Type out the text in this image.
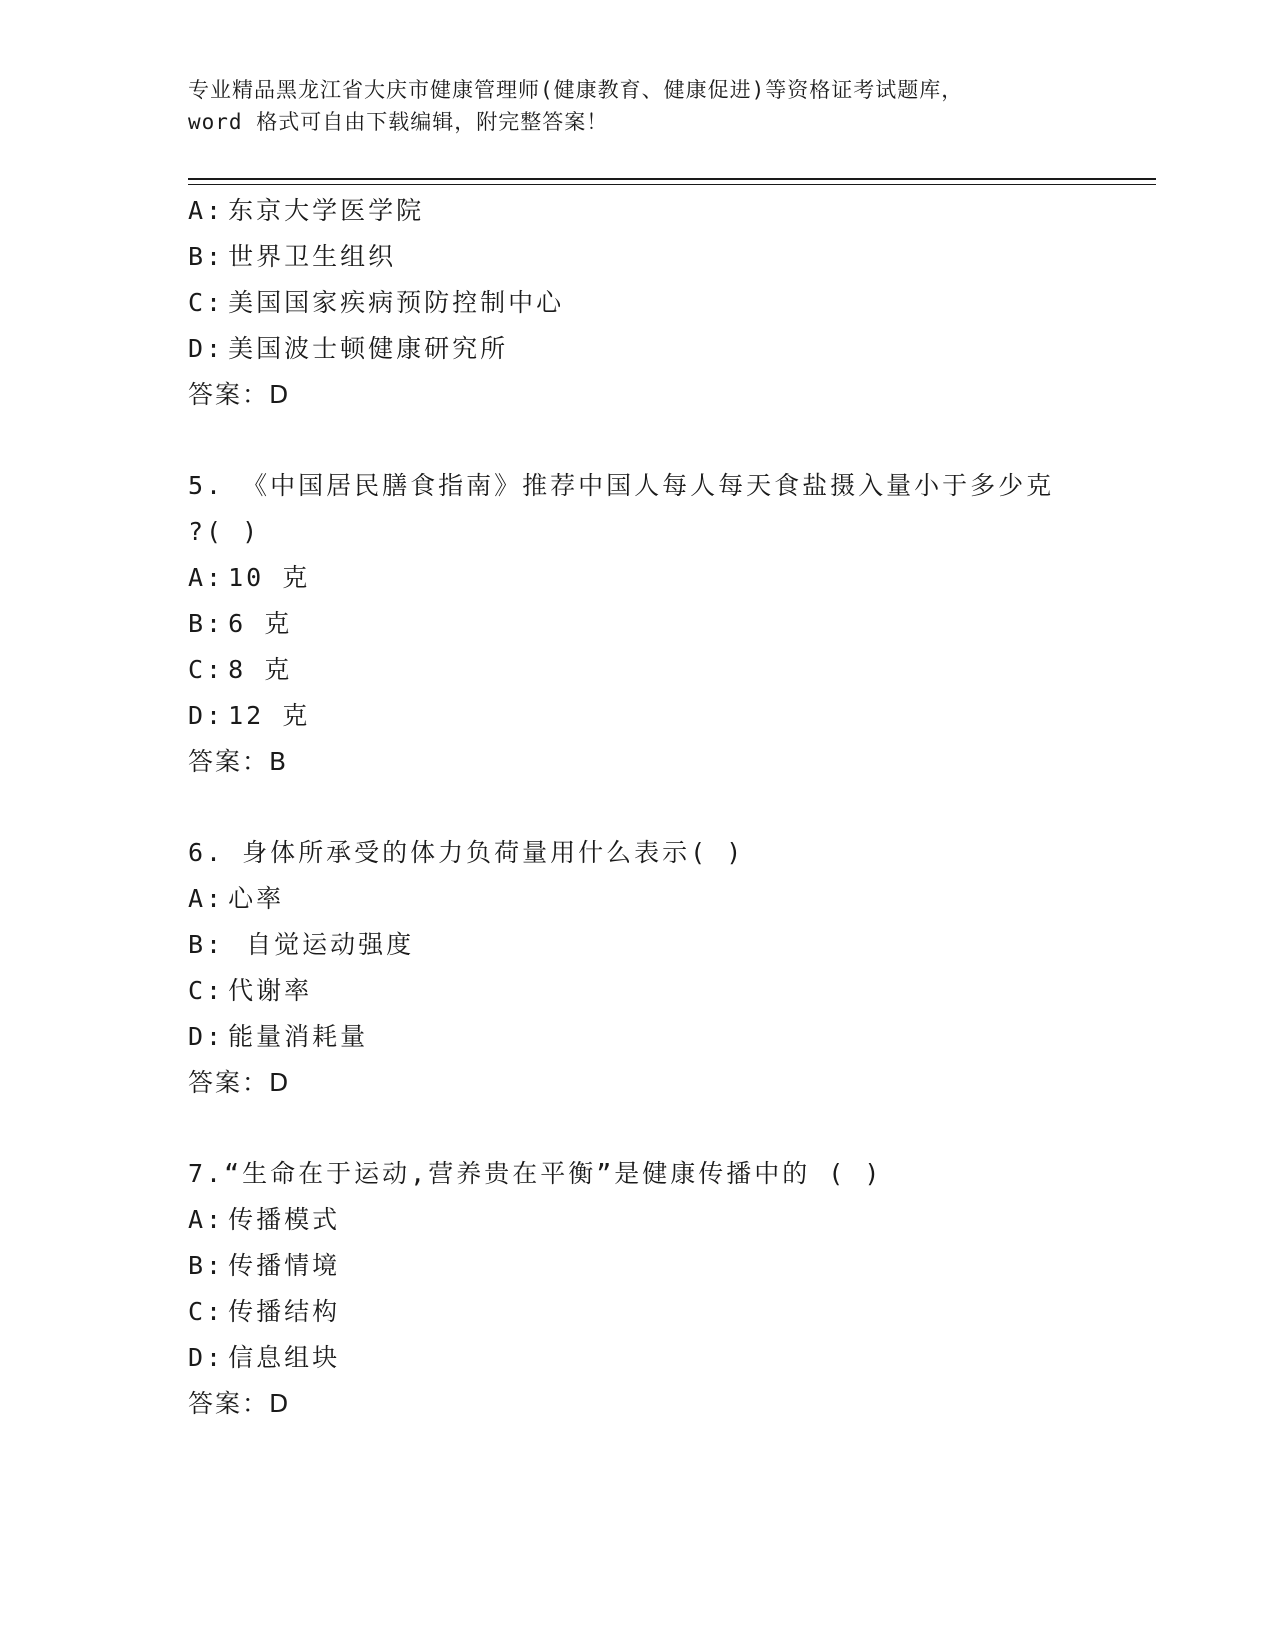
专业精品黑龙江省大庆市健康管理师(健康教育、健康促进)等资格证考试题库，
word 格式可自由下载编辑，附完整答案！
A: 东京大学医学院
B: 世界卫生组织
C: 美国国家疾病预防控制中心
D: 美国波士顿健康研究所
答案：D
5. 《中国居民膳食指南》推荐中国人每人每天食盐摄入量小于多少克
?( )
A: 10 克
B: 6 克
C: 8 克
D: 12 克
答案：B
6. 身体所承受的体力负荷量用什么表示( )
A: 心率
B: 自觉运动强度
C: 代谢率
D: 能量消耗量
答案：D
7.“生命在于运动,营养贵在平衡”是健康传播中的 ( )
A: 传播模式
B: 传播情境
C: 传播结构
D: 信息组块
答案：D
